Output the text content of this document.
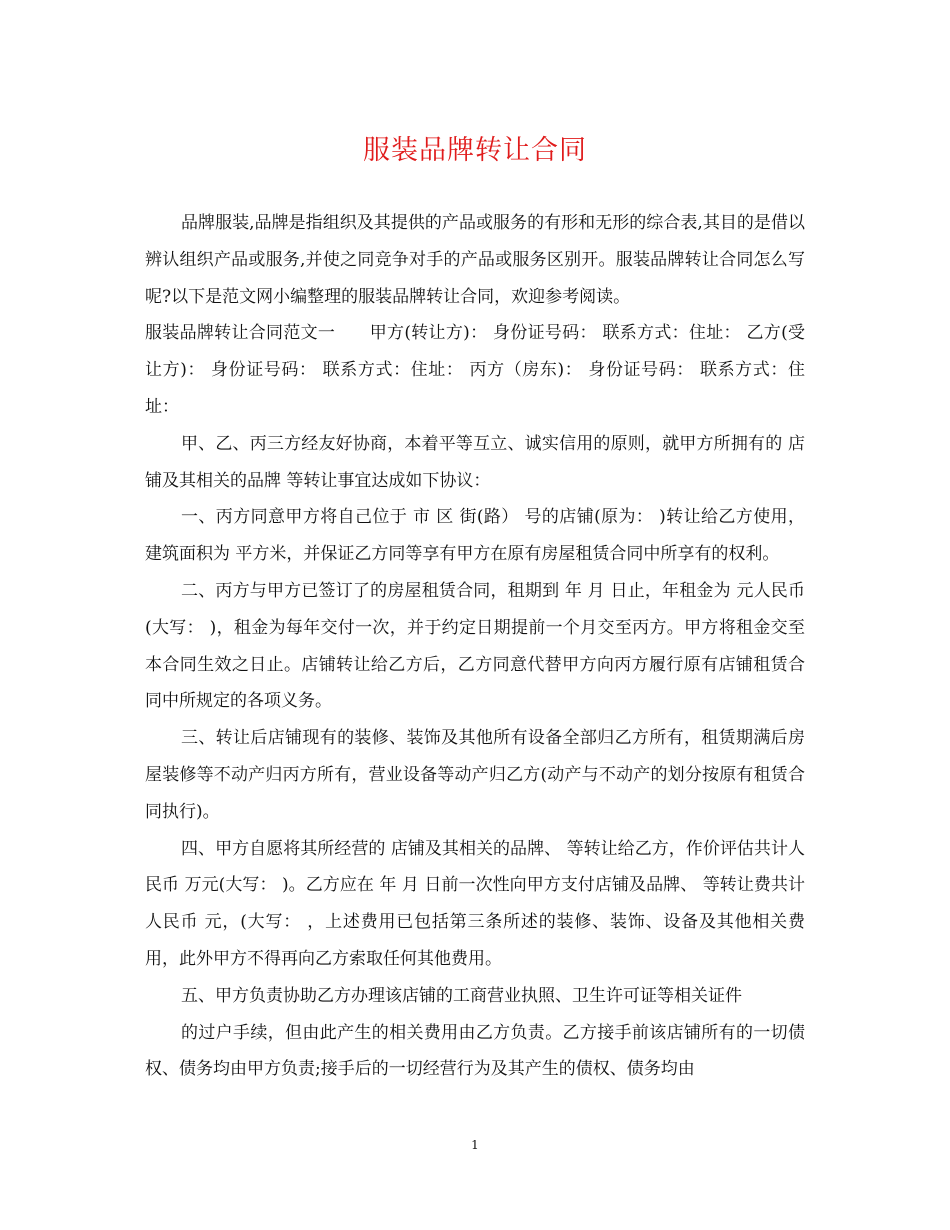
服装品牌转让合同

品牌服装,品牌是指组织及其提供的产品或服务的有形和无形的综合表,其目的是借以辨认组织产品或服务,并使之同竞争对手的产品或服务区别开。服装品牌转让合同怎么写呢?以下是范文网小编整理的服装品牌转让合同，欢迎参考阅读。

服装品牌转让合同范文一　　甲方(转让方)： 身份证号码： 联系方式：住址： 乙方(受让方)： 身份证号码： 联系方式：住址： 丙方（房东)： 身份证号码： 联系方式：住址：

甲、乙、丙三方经友好协商，本着平等互立、诚实信用的原则，就甲方所拥有的 店铺及其相关的品牌 等转让事宜达成如下协议：

一、丙方同意甲方将自己位于 市 区 街(路） 号的店铺(原为： )转让给乙方使用，建筑面积为 平方米，并保证乙方同等享有甲方在原有房屋租赁合同中所享有的权利。

二、丙方与甲方已签订了的房屋租赁合同，租期到 年 月 日止，年租金为 元人民币(大写： )，租金为每年交付一次，并于约定日期提前一个月交至丙方。甲方将租金交至本合同生效之日止。店铺转让给乙方后，乙方同意代替甲方向丙方履行原有店铺租赁合同中所规定的各项义务。

三、转让后店铺现有的装修、装饰及其他所有设备全部归乙方所有，租赁期满后房屋装修等不动产归丙方所有，营业设备等动产归乙方(动产与不动产的划分按原有租赁合同执行)。

四、甲方自愿将其所经营的 店铺及其相关的品牌、 等转让给乙方，作价评估共计人民币 万元(大写： )。乙方应在 年 月 日前一次性向甲方支付店铺及品牌、 等转让费共计人民币 元，(大写： ，上述费用已包括第三条所述的装修、装饰、设备及其他相关费用，此外甲方不得再向乙方索取任何其他费用。

五、甲方负责协助乙方办理该店铺的工商营业执照、卫生许可证等相关证件

的过户手续，但由此产生的相关费用由乙方负责。乙方接手前该店铺所有的一切债权、债务均由甲方负责;接手后的一切经营行为及其产生的债权、债务均由

1
